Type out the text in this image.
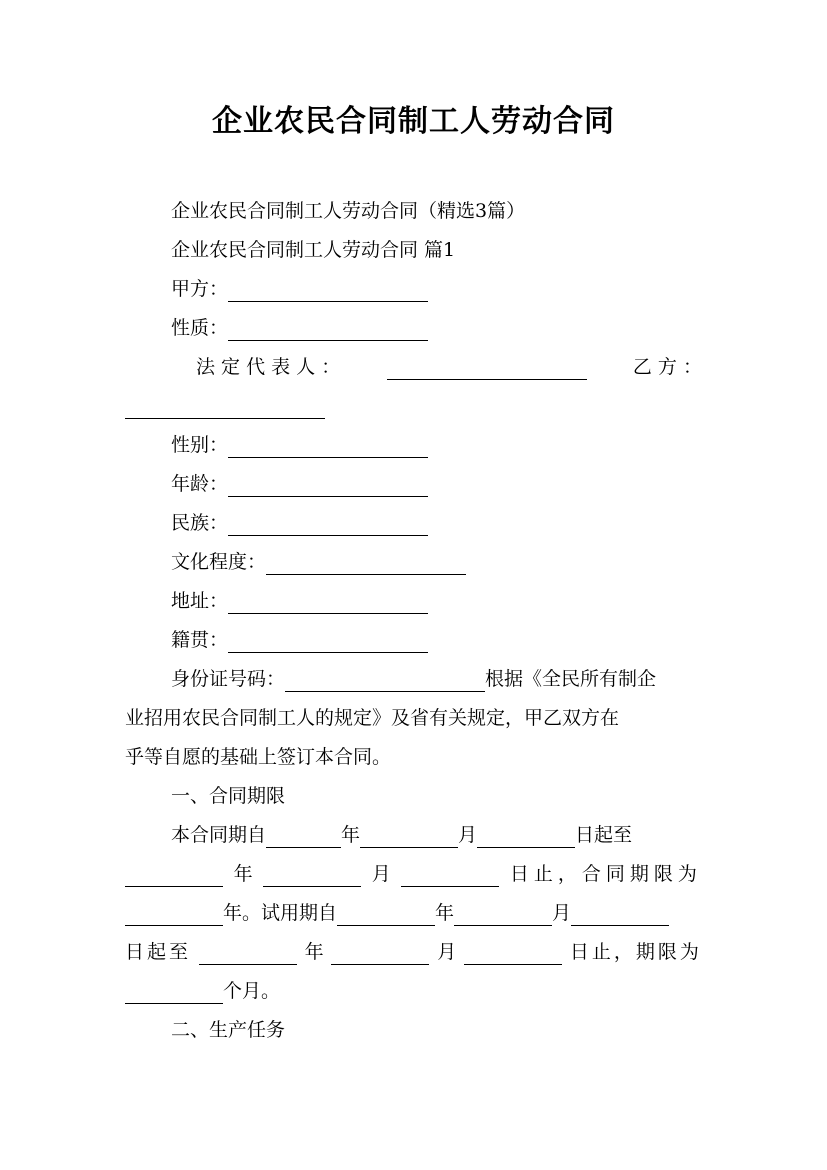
企业农民合同制工人劳动合同
企业农民合同制工人劳动合同（精选3篇）
企业农民合同制工人劳动合同 篇1
甲方：
性质：
法 定 代 表 人 ：	乙 方 ：
性别：
年龄：
民族：
文化程度：
地址：
籍贯：
身份证号码：	根据《全民所有制企
业招用农民合同制工人的规定》及省有关规定，甲乙双方在
乎等自愿的基础上签订本合同。
一、合同期限
本合同期自	年	月	日起至
年	月	日止，合同期限为
年。试用期自	年	月
日起至	年	月	日止，期限为
个月。
二、生产任务
